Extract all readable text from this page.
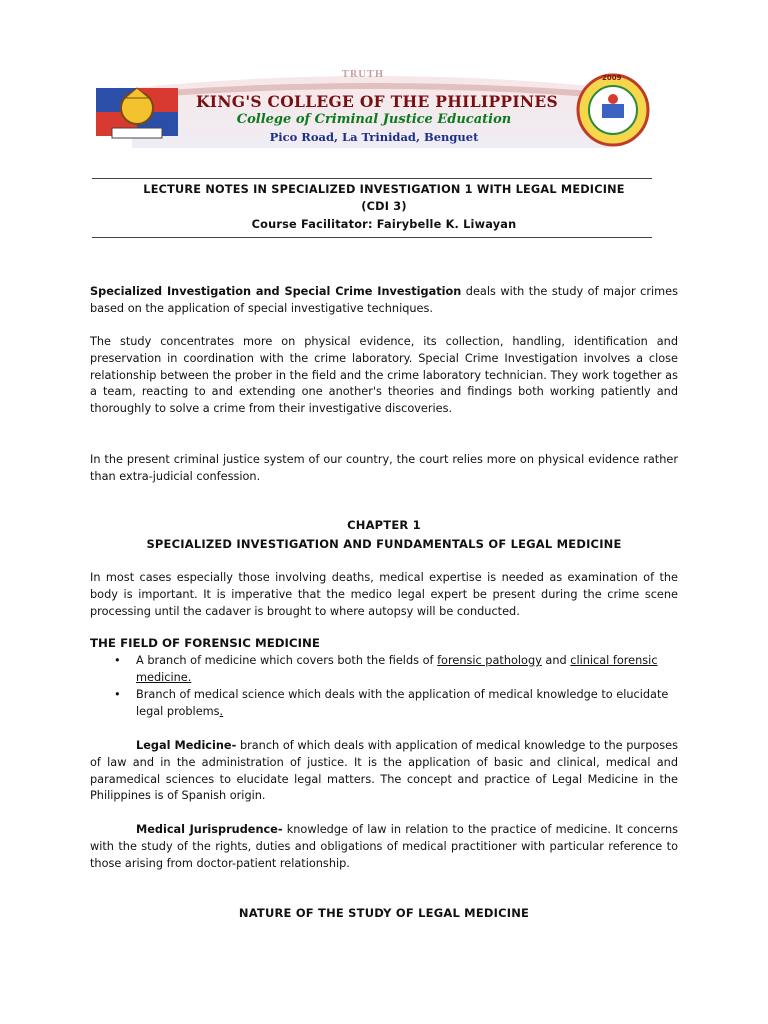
TRUTH	2009
KING'S COLLEGE OF THE PHILIPPINES
College of Criminal Justice Education
Pico Road, La Trinidad, Benguet
LECTURE NOTES IN SPECIALIZED INVESTIGATION 1 WITH LEGAL MEDICINE
(CDI 3)
Course Facilitator: Fairybelle K. Liwayan

Specialized Investigation and Special Crime Investigation deals with the study of major crimes based on the application of special investigative techniques.

The study concentrates more on physical evidence, its collection, handling, identification and preservation in coordination with the crime laboratory. Special Crime Investigation involves a close relationship between the prober in the field and the crime laboratory technician. They work together as a team, reacting to and extending one another's theories and findings both working patiently and thoroughly to solve a crime from their investigative discoveries.

In the present criminal justice system of our country, the court relies more on physical evidence rather than extra-judicial confession.

CHAPTER 1
SPECIALIZED INVESTIGATION AND FUNDAMENTALS OF LEGAL MEDICINE

In most cases especially those involving deaths, medical expertise is needed as examination of the body is important. It is imperative that the medico legal expert be present during the crime scene processing until the cadaver is brought to where autopsy will be conducted.

THE FIELD OF FORENSIC MEDICINE
• A branch of medicine which covers both the fields of forensic pathology and clinical forensic medicine.
• Branch of medical science which deals with the application of medical knowledge to elucidate legal problems.

Legal Medicine- branch of which deals with application of medical knowledge to the purposes of law and in the administration of justice. It is the application of basic and clinical, medical and paramedical sciences to elucidate legal matters. The concept and practice of Legal Medicine in the Philippines is of Spanish origin.

Medical Jurisprudence- knowledge of law in relation to the practice of medicine. It concerns with the study of the rights, duties and obligations of medical practitioner with particular reference to those arising from doctor-patient relationship.

NATURE OF THE STUDY OF LEGAL MEDICINE
